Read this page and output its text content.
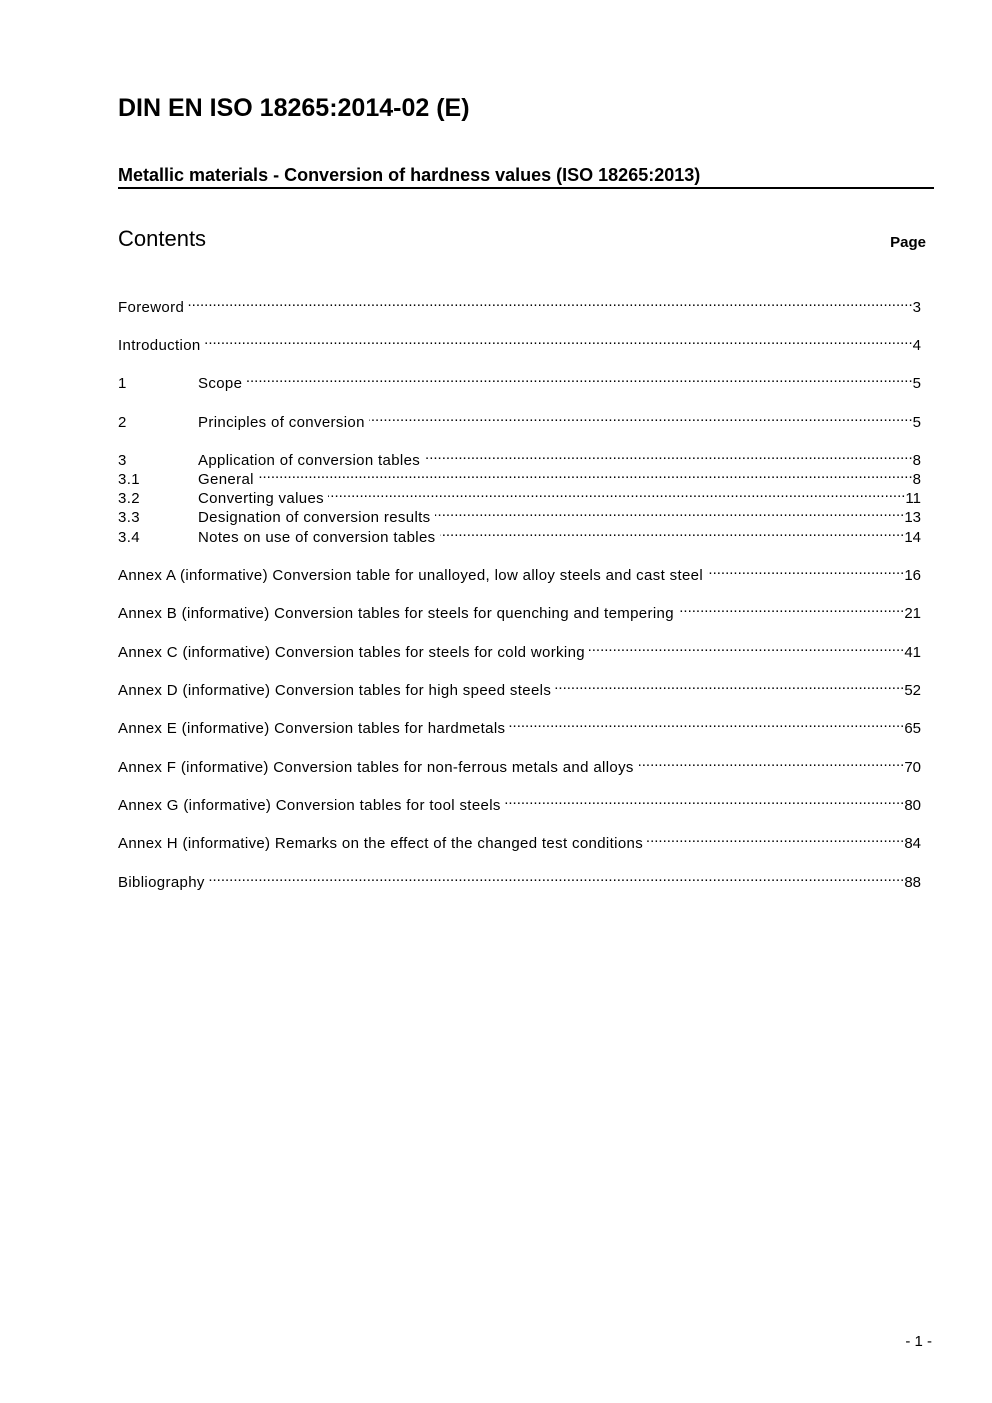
DIN EN ISO 18265:2014-02 (E)
Metallic materials - Conversion of hardness values (ISO 18265:2013)
Contents	Page
Foreword .....	3
Introduction .....	4
1	Scope .....	5
2	Principles of conversion .....	5
3	Application of conversion tables .....	8
3.1	General .....	8
3.2	Converting values .....	11
3.3	Designation of conversion results .....	13
3.4	Notes on use of conversion tables .....	14
Annex A (informative) Conversion table for unalloyed, low alloy steels and cast steel .....	16
Annex B (informative) Conversion tables for steels for quenching and tempering .....	21
Annex C (informative) Conversion tables for steels for cold working .....	41
Annex D (informative) Conversion tables for high speed steels .....	52
Annex E (informative) Conversion tables for hardmetals .....	65
Annex F (informative) Conversion tables for non-ferrous metals and alloys .....	70
Annex G (informative) Conversion tables for tool steels .....	80
Annex H (informative) Remarks on the effect of the changed test conditions .....	84
Bibliography .....	88
- 1 -
